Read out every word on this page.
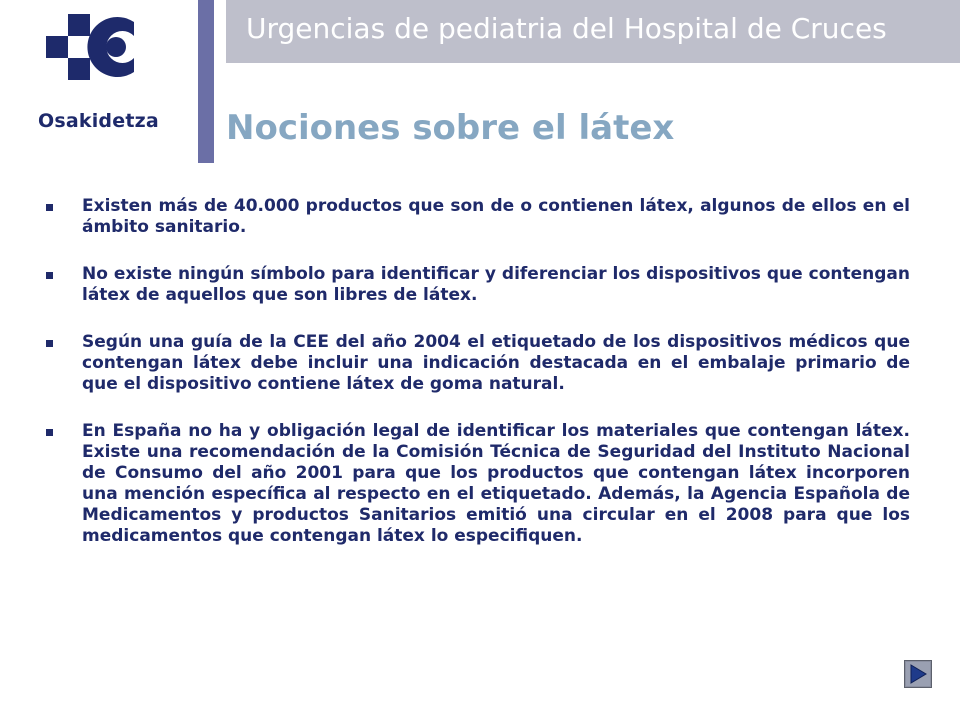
Osakidetza
Urgencias de pediatria del Hospital de Cruces
Nociones sobre el látex
Existen más de 40.000 productos que son de o contienen látex, algunos de ellos en el ámbito sanitario.
No existe ningún símbolo para identificar y diferenciar los dispositivos que contengan látex de aquellos que son libres de látex.
Según una guía de la CEE del año 2004 el etiquetado de los dispositivos médicos que contengan látex debe incluir una indicación destacada en el embalaje primario de que el dispositivo contiene látex de goma natural.
En España no ha y obligación legal de identificar los materiales que contengan látex. Existe una recomendación de la Comisión Técnica de Seguridad del Instituto Nacional de Consumo del año 2001 para que los productos que contengan látex incorporen una mención específica al respecto en el etiquetado. Además, la Agencia Española de Medicamentos y productos Sanitarios emitió una circular en el 2008 para que los medicamentos que contengan látex lo especifiquen.
